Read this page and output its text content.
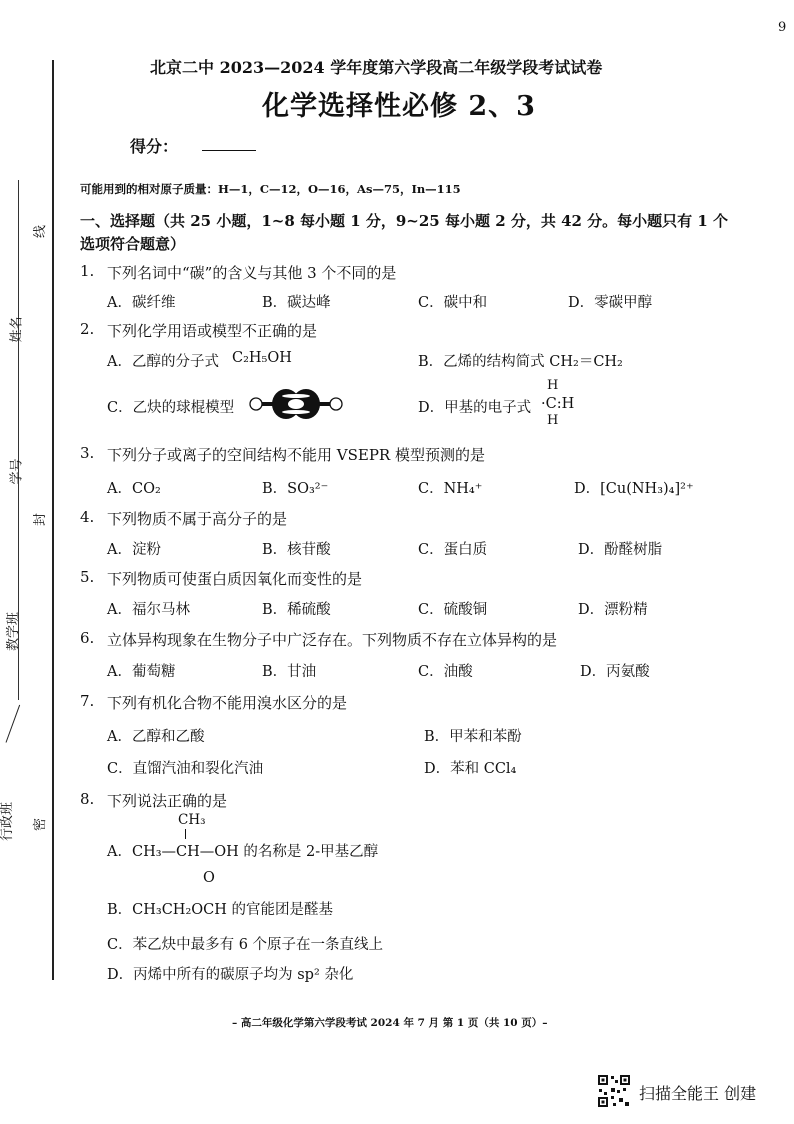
9
线
姓名
学号
封
教学班
密
行政班
北京二中 2023—2024 学年度第六学段高二年级学段考试试卷
化学选择性必修 2、3
得分：
可能用到的相对原子质量：H—1，C—12，O—16，As—75，In—115
一、选择题（共 25 小题，1~8 每小题 1 分，9~25 每小题 2 分，共 42 分。每小题只有 1 个选项符合题意）
1. 下列名词中“碳”的含义与其他 3 个不同的是
A．碳纤维	B．碳达峰	C．碳中和	D．零碳甲醇
2. 下列化学用语或模型不正确的是
A．乙醇的分子式 C₂H₅OH	B．乙烯的结构简式 CH₂＝CH₂
C．乙炔的球棍模型	D．甲基的电子式
H
·C:H
H
3. 下列分子或离子的空间结构不能用 VSEPR 模型预测的是
A．CO₂	B．SO₃²⁻	C．NH₄⁺	D．[Cu(NH₃)₄]²⁺
4. 下列物质不属于高分子的是
A．淀粉	B．核苷酸	C．蛋白质	D．酚醛树脂
5. 下列物质可使蛋白质因氧化而变性的是
A．福尔马林	B．稀硫酸	C．硫酸铜	D．漂粉精
6. 立体异构现象在生物分子中广泛存在。下列物质不存在立体异构的是
A．葡萄糖	B．甘油	C．油酸	D．丙氨酸
7. 下列有机化合物不能用溴水区分的是
A．乙醇和乙酸	B．甲苯和苯酚
C．直馏汽油和裂化汽油	D．苯和 CCl₄
8. 下列说法正确的是
CH₃
A．CH₃—CH—OH 的名称是 2-甲基乙醇
O
B．CH₃CH₂OCH 的官能团是醛基
C．苯乙炔中最多有 6 个原子在一条直线上
D．丙烯中所有的碳原子均为 sp² 杂化
– 高二年级化学第六学段考试 2024 年 7 月 第 1 页（共 10 页）–
扫描全能王 创建
